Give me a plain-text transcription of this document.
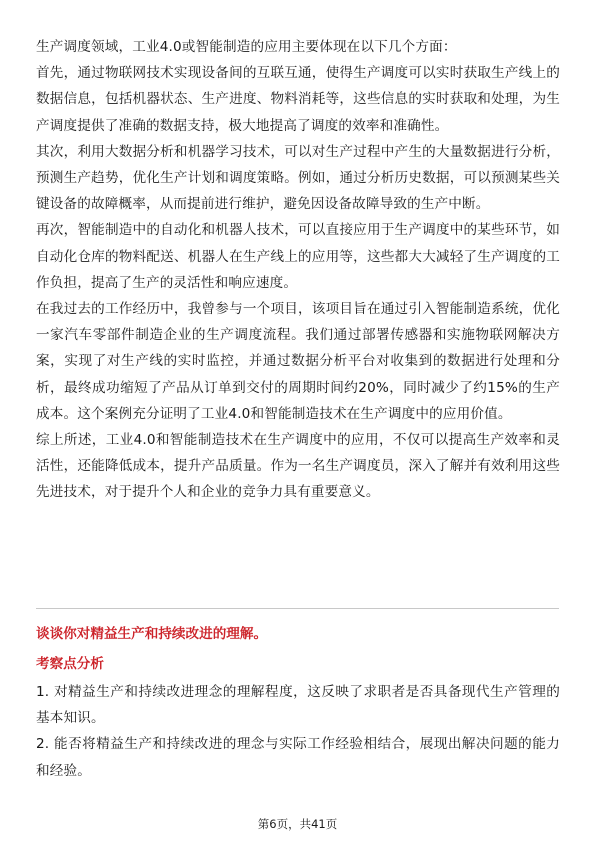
生产调度领域，工业4.0或智能制造的应用主要体现在以下几个方面：

首先，通过物联网技术实现设备间的互联互通，使得生产调度可以实时获取生产线上的数据信息，包括机器状态、生产进度、物料消耗等，这些信息的实时获取和处理，为生产调度提供了准确的数据支持，极大地提高了调度的效率和准确性。

其次，利用大数据分析和机器学习技术，可以对生产过程中产生的大量数据进行分析，预测生产趋势，优化生产计划和调度策略。例如，通过分析历史数据，可以预测某些关键设备的故障概率，从而提前进行维护，避免因设备故障导致的生产中断。

再次，智能制造中的自动化和机器人技术，可以直接应用于生产调度中的某些环节，如自动化仓库的物料配送、机器人在生产线上的应用等，这些都大大减轻了生产调度的工作负担，提高了生产的灵活性和响应速度。

在我过去的工作经历中，我曾参与一个项目，该项目旨在通过引入智能制造系统，优化一家汽车零部件制造企业的生产调度流程。我们通过部署传感器和实施物联网解决方案，实现了对生产线的实时监控，并通过数据分析平台对收集到的数据进行处理和分析，最终成功缩短了产品从订单到交付的周期时间约20%，同时减少了约15%的生产成本。这个案例充分证明了工业4.0和智能制造技术在生产调度中的应用价值。

综上所述，工业4.0和智能制造技术在生产调度中的应用，不仅可以提高生产效率和灵活性，还能降低成本，提升产品质量。作为一名生产调度员，深入了解并有效利用这些先进技术，对于提升个人和企业的竞争力具有重要意义。

谈谈你对精益生产和持续改进的理解。

考察点分析

1. 对精益生产和持续改进理念的理解程度，这反映了求职者是否具备现代生产管理的基本知识。

2. 能否将精益生产和持续改进的理念与实际工作经验相结合，展现出解决问题的能力和经验。

第6页，共41页
